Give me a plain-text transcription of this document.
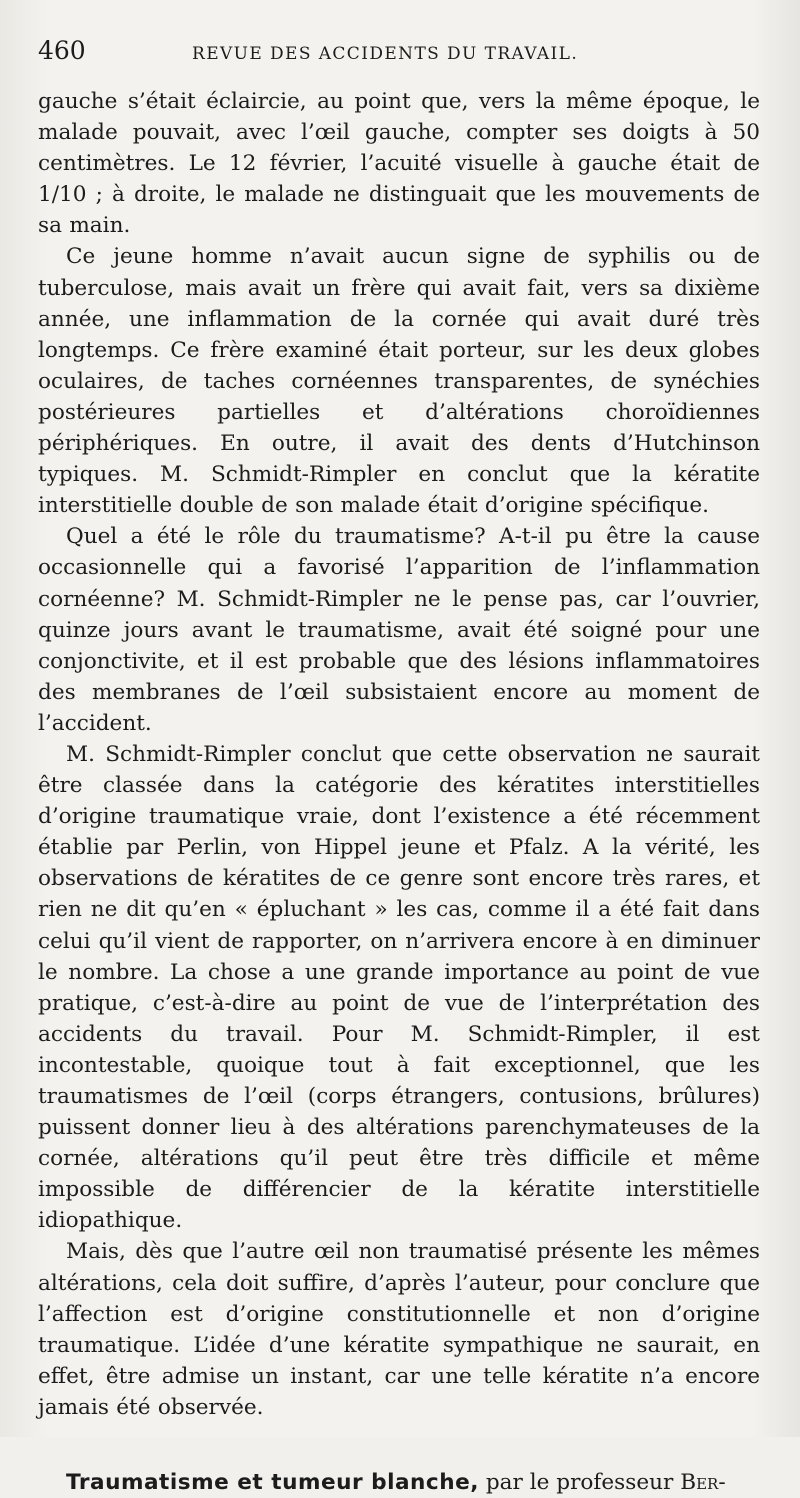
460	REVUE DES ACCIDENTS DU TRAVAIL.

gauche s’était éclaircie, au point que, vers la même époque, le malade pouvait, avec l’œil gauche, compter ses doigts à 50 centimètres. Le 12 février, l’acuité visuelle à gauche était de 1/10 ; à droite, le malade ne distinguait que les mouvements de sa main.

Ce jeune homme n’avait aucun signe de syphilis ou de tuberculose, mais avait un frère qui avait fait, vers sa dixième année, une inflammation de la cornée qui avait duré très longtemps. Ce frère examiné était porteur, sur les deux globes oculaires, de taches cornéennes transparentes, de synéchies postérieures partielles et d’altérations choroïdiennes périphériques. En outre, il avait des dents d’Hutchinson typiques. M. Schmidt-Rimpler en conclut que la kératite interstitielle double de son malade était d’origine spécifique.

Quel a été le rôle du traumatisme? A-t-il pu être la cause occasionnelle qui a favorisé l’apparition de l’inflammation cornéenne? M. Schmidt-Rimpler ne le pense pas, car l’ouvrier, quinze jours avant le traumatisme, avait été soigné pour une conjonctivite, et il est probable que des lésions inflammatoires des membranes de l’œil subsistaient encore au moment de l’accident.

M. Schmidt-Rimpler conclut que cette observation ne saurait être classée dans la catégorie des kératites interstitielles d’origine traumatique vraie, dont l’existence a été récemment établie par Perlin, von Hippel jeune et Pfalz. A la vérité, les observations de kératites de ce genre sont encore très rares, et rien ne dit qu’en « épluchant » les cas, comme il a été fait dans celui qu’il vient de rapporter, on n’arrivera encore à en diminuer le nombre. La chose a une grande importance au point de vue pratique, c’est-à-dire au point de vue de l’interprétation des accidents du travail. Pour M. Schmidt-Rimpler, il est incontestable, quoique tout à fait exceptionnel, que les traumatismes de l’œil (corps étrangers, contusions, brûlures) puissent donner lieu à des altérations parenchymateuses de la cornée, altérations qu’il peut être très difficile et même impossible de différencier de la kératite interstitielle idiopathique.

Mais, dès que l’autre œil non traumatisé présente les mêmes altérations, cela doit suffire, d’après l’auteur, pour conclure que l’affection est d’origine constitutionnelle et non d’origine traumatique. L’idée d’une kératite sympathique ne saurait, en effet, être admise un instant, car une telle kératite n’a encore jamais été observée.

Traumatisme et tumeur blanche, par le professeur Ber-
